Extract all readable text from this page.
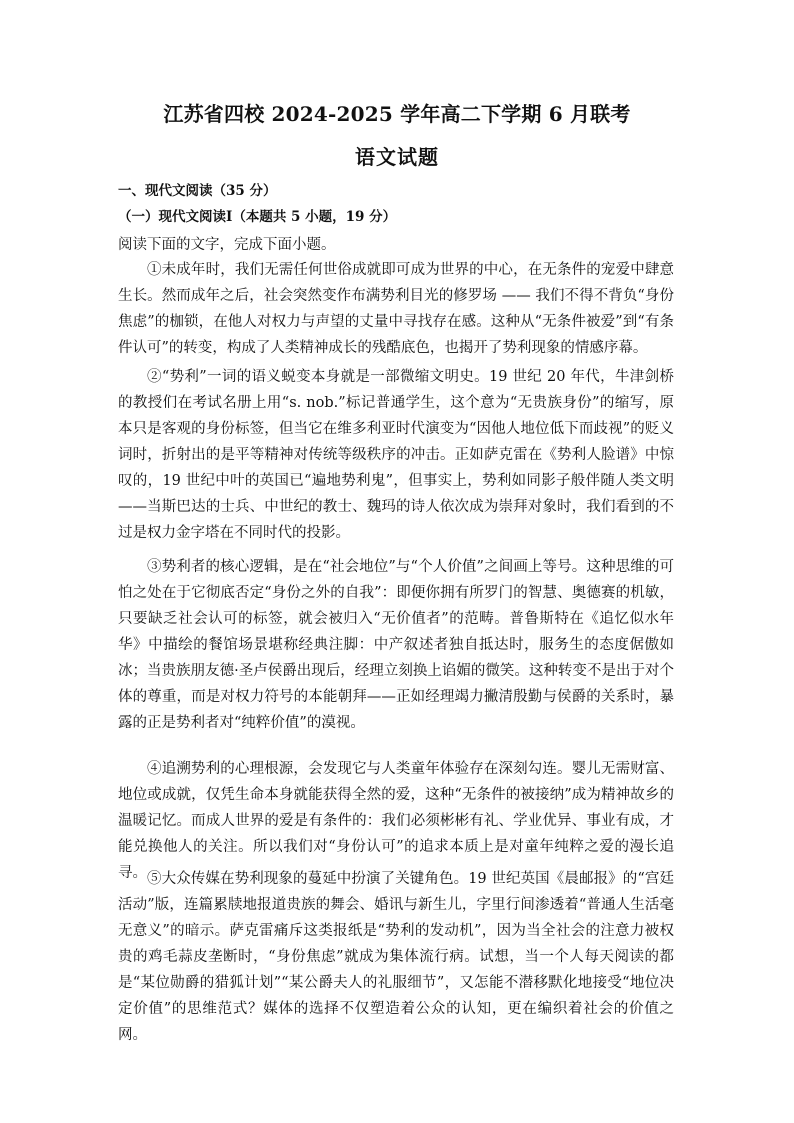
江苏省四校 2024-2025 学年高二下学期 6 月联考
语文试题
一、现代文阅读（35 分）
（一）现代文阅读Ⅰ（本题共 5 小题，19 分）
阅读下面的文字，完成下面小题。

①未成年时，我们无需任何世俗成就即可成为世界的中心，在无条件的宠爱中肆意生长。然而成年之后，社会突然变作布满势利目光的修罗场 —— 我们不得不背负“身份焦虑”的枷锁，在他人对权力与声望的丈量中寻找存在感。这种从“无条件被爱”到“有条件认可”的转变，构成了人类精神成长的残酷底色，也揭开了势利现象的情感序幕。

②“势利”一词的语义蜕变本身就是一部微缩文明史。19 世纪 20 年代，牛津剑桥的教授们在考试名册上用“s. nob.”标记普通学生，这个意为“无贵族身份”的缩写，原本只是客观的身份标签，但当它在维多利亚时代演变为“因他人地位低下而歧视”的贬义词时，折射出的是平等精神对传统等级秩序的冲击。正如萨克雷在《势利人脸谱》中惊叹的，19 世纪中叶的英国已“遍地势利鬼”，但事实上，势利如同影子般伴随人类文明——当斯巴达的士兵、中世纪的教士、魏玛的诗人依次成为崇拜对象时，我们看到的不过是权力金字塔在不同时代的投影。

③势利者的核心逻辑，是在“社会地位”与“个人价值”之间画上等号。这种思维的可怕之处在于它彻底否定“身份之外的自我”：即便你拥有所罗门的智慧、奥德赛的机敏，只要缺乏社会认可的标签，就会被归入“无价值者”的范畴。普鲁斯特在《追忆似水年华》中描绘的餐馆场景堪称经典注脚：中产叙述者独自抵达时，服务生的态度倨傲如冰；当贵族朋友德·圣卢侯爵出现后，经理立刻换上谄媚的微笑。这种转变不是出于对个体的尊重，而是对权力符号的本能朝拜——正如经理竭力撇清殷勤与侯爵的关系时，暴露的正是势利者对“纯粹价值”的漠视。

④追溯势利的心理根源，会发现它与人类童年体验存在深刻勾连。婴儿无需财富、地位或成就，仅凭生命本身就能获得全然的爱，这种“无条件的被接纳”成为精神故乡的温暖记忆。而成人世界的爱是有条件的：我们必须彬彬有礼、学业优异、事业有成，才能兑换他人的关注。所以我们对“身份认可”的追求本质上是对童年纯粹之爱的漫长追寻。 ⑤大众传媒在势利现象的蔓延中扮演了关键角色。19 世纪英国《晨邮报》的“宫廷活动”版，连篇累牍地报道贵族的舞会、婚讯与新生儿，字里行间渗透着“普通人生活毫无意义”的暗示。萨克雷痛斥这类报纸是“势利的发动机”，因为当全社会的注意力被权贵的鸡毛蒜皮垄断时，“身份焦虑”就成为集体流行病。试想，当一个人每天阅读的都是“某位勋爵的猎狐计划”“某公爵夫人的礼服细节”，又怎能不潜移默化地接受“地位决定价值”的思维范式？媒体的选择不仅塑造着公众的认知，更在编织着社会的价值之网。
